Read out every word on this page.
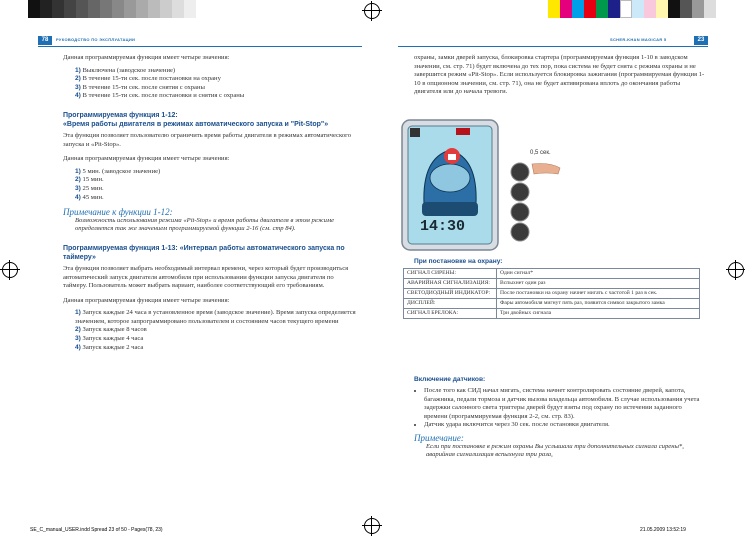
78	РУКОВОДСТВО ПО ЭКСПЛУАТАЦИИ	SCHER-KHAN MAGICAR 5	23
Данная программируемая функция имеет четыре значения:
1) Выключена (заводское значение)
2) В течение 15-ти сек. после постановки на охрану
3) В течение 15-ти сек. после снятия с охраны
4) В течение 15-ти сек. после постановки и снятия с охраны
Программируемая функция 1-12:
«Время работы двигателя в режимах автоматического запуска и "Pit-Stop"»
Эта функция позволяет пользователю ограничить время работы двигателя в режимах автоматического запуска и «Pit-Stop».
Данная программируемая функция имеет четыре значения:
1) 5 мин. (заводское значение)
2) 15 мин.
3) 25 мин.
4) 45 мин.
Примечание к функции 1-12:
Возможность использования режима «Pit-Stop» и время работы двигателя в этом режиме определяется так же значением программируемой функции 2-16 (см. стр 84).
Программируемая функция 1-13: «Интервал работы автоматического запуска по таймеру»
Эта функция позволяет выбрать необходимый интервал времени, через который будет производиться автоматический запуск двигателя автомобиля при использовании функции запуска двигателя по таймеру. Пользователь может выбрать вариант, наиболее соответствующий его требованиям.
Данная программируемая функция имеет четыре значения:
1) Запуск каждые 24 часа в установленное время (заводское значение). Время запуска определяется значением, которое запрограммировано пользователем и состоянием часов текущего времени
2) Запуск каждые 8 часов
3) Запуск каждые 4 часа
4) Запуск каждые 2 часа
охраны, замки дверей запуска, блокировка стартера (программируемая функция 1-10 в заводском значении, см. стр. 71) будет включена до тех пор, пока система не будет снята с режима охраны и не завершится режим «Pit-Stop». Если используется блокировка зажигания (программируемая функция 1-10 в опционном значении, см. стр. 71), она не будет активирована вплоть до окончания работы двигателя или до начала тревоги.
14:30
0,5 сек.
При постановке на охрану:
СИГНАЛ СИРЕНЫ:	Один сигнал*
АВАРИЙНАЯ СИГНАЛИЗАЦИЯ:	Вспыхнет один раз
СВЕТОДИОДНЫЙ ИНДИКАТОР:	После постановки на охрану начнет мигать с частотой 1 раз в сек.
ДИСПЛЕЙ:	Фары автомобиля мигнут пять раз, появится символ закрытого замка
СИГНАЛ БРЕЛОКА:	Три двойных сигнала
Включение датчиков:
• После того как СИД начал мигать, система начнет контролировать состояние дверей, капота, багажника, педали тормоза и датчик вызова владельца автомобиля. В случае использования учета задержки салонного света триггеры дверей будут взяты под охрану по истечении заданного времени (программируемая функция 2-2, см. стр. 83).
• Датчик удара включится через 30 сек. после остановки двигателя.
Примечание:
Если при постановке в режим охраны Вы услышали три дополнительных сигнала сирены*, аварийная сигнализация вспыхнула три раза,
SE_C_manual_USER.indd Spread 23 of 50 - Pages(78, 23)	21.05.2009 13:52:19
